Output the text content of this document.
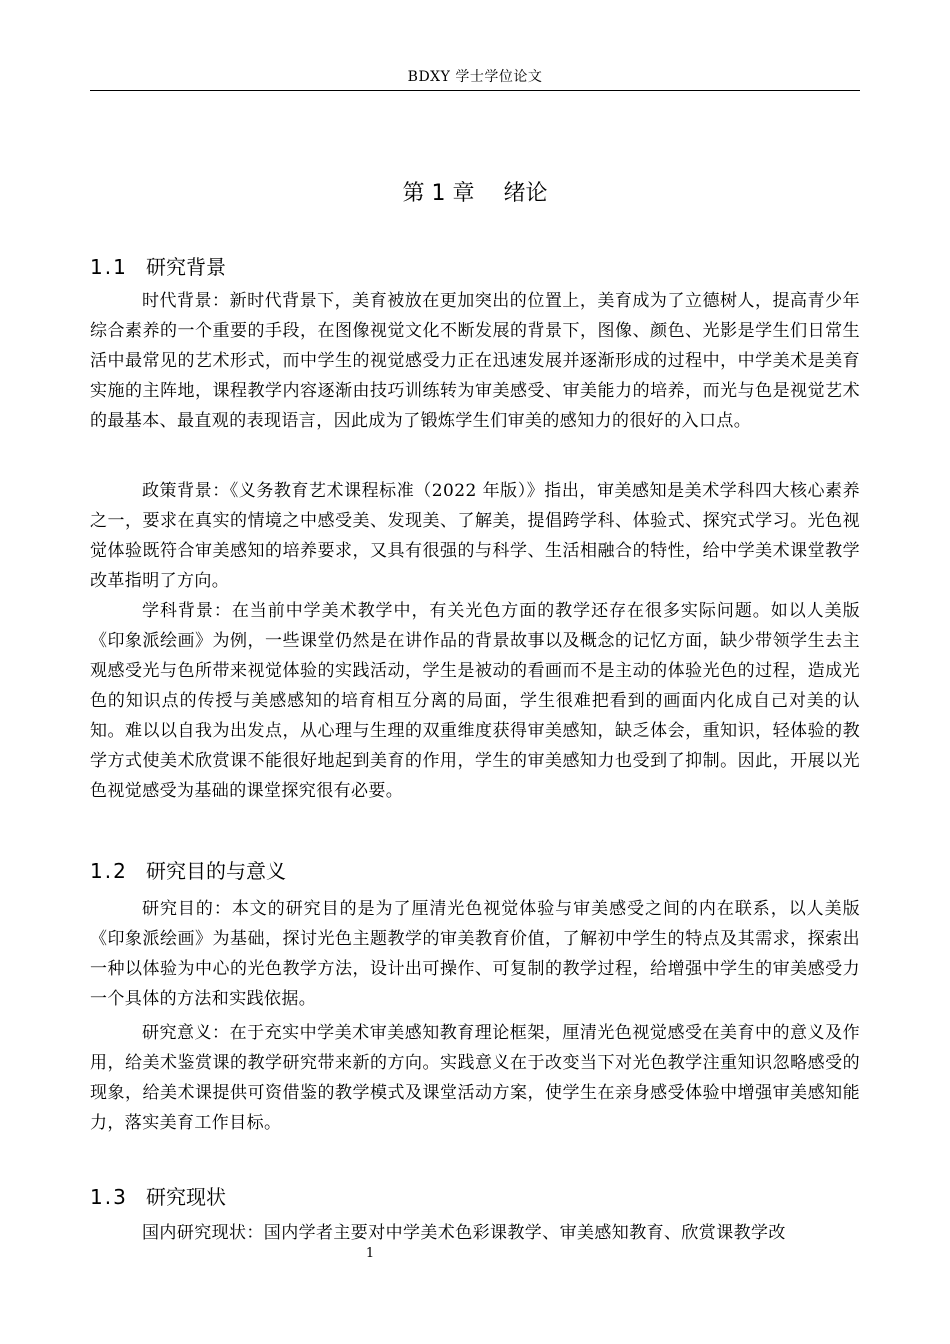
BDXY 学士学位论文
第 1 章　 绪论
1.1 研究背景

时代背景：新时代背景下，美育被放在更加突出的位置上，美育成为了立德树人，提高青少年综合素养的一个重要的手段，在图像视觉文化不断发展的背景下，图像、颜色、光影是学生们日常生活中最常见的艺术形式，而中学生的视觉感受力正在迅速发展并逐渐形成的过程中，中学美术是美育实施的主阵地，课程教学内容逐渐由技巧训练转为审美感受、审美能力的培养，而光与色是视觉艺术的最基本、最直观的表现语言，因此成为了锻炼学生们审美的感知力的很好的入口点。

政策背景：《义务教育艺术课程标准（2022 年版）》指出，审美感知是美术学科四大核心素养之一，要求在真实的情境之中感受美、发现美、了解美，提倡跨学科、体验式、探究式学习。光色视觉体验既符合审美感知的培养要求，又具有很强的与科学、生活相融合的特性，给中学美术课堂教学改革指明了方向。

学科背景：在当前中学美术教学中，有关光色方面的教学还存在很多实际问题。如以人美版《印象派绘画》为例，一些课堂仍然是在讲作品的背景故事以及概念的记忆方面，缺少带领学生去主观感受光与色所带来视觉体验的实践活动，学生是被动的看画而不是主动的体验光色的过程，造成光色的知识点的传授与美感感知的培育相互分离的局面，学生很难把看到的画面内化成自己对美的认知。难以以自我为出发点，从心理与生理的双重维度获得审美感知，缺乏体会，重知识，轻体验的教学方式使美术欣赏课不能很好地起到美育的作用，学生的审美感知力也受到了抑制。因此，开展以光色视觉感受为基础的课堂探究很有必要。

1.2 研究目的与意义

研究目的：本文的研究目的是为了厘清光色视觉体验与审美感受之间的内在联系，以人美版《印象派绘画》为基础，探讨光色主题教学的审美教育价值，了解初中学生的特点及其需求，探索出一种以体验为中心的光色教学方法，设计出可操作、可复制的教学过程，给增强中学生的审美感受力一个具体的方法和实践依据。

研究意义：在于充实中学美术审美感知教育理论框架，厘清光色视觉感受在美育中的意义及作用，给美术鉴赏课的教学研究带来新的方向。实践意义在于改变当下对光色教学注重知识忽略感受的现象，给美术课提供可资借鉴的教学模式及课堂活动方案，使学生在亲身感受体验中增强审美感知能力，落实美育工作目标。

1.3 研究现状

国内研究现状：国内学者主要对中学美术色彩课教学、审美感知教育、欣赏课教学改

1
